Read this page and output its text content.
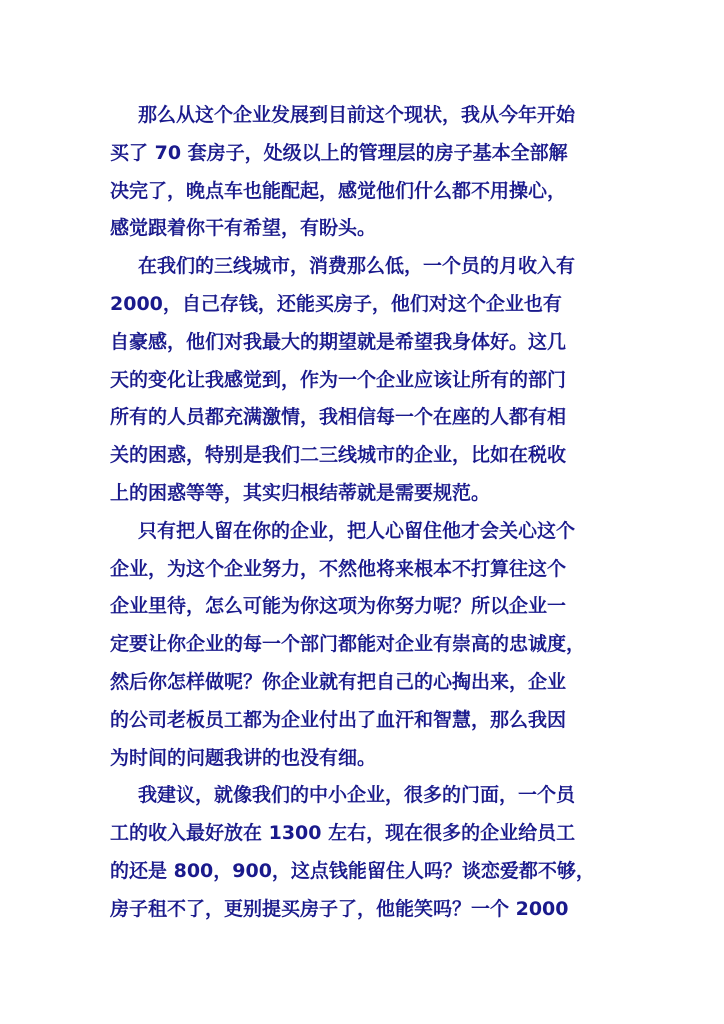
那么从这个企业发展到目前这个现状，我从今年开始
买了 70 套房子，处级以上的管理层的房子基本全部解
决完了，晚点车也能配起，感觉他们什么都不用操心，
感觉跟着你干有希望，有盼头。
在我们的三线城市，消费那么低，一个员的月收入有
2000，自己存钱，还能买房子，他们对这个企业也有
自豪感，他们对我最大的期望就是希望我身体好。这几
天的变化让我感觉到，作为一个企业应该让所有的部门
所有的人员都充满激情，我相信每一个在座的人都有相
关的困惑，特别是我们二三线城市的企业，比如在税收
上的困惑等等，其实归根结蒂就是需要规范。
只有把人留在你的企业，把人心留住他才会关心这个
企业，为这个企业努力，不然他将来根本不打算往这个
企业里待，怎么可能为你这项为你努力呢？所以企业一
定要让你企业的每一个部门都能对企业有崇高的忠诚度，
然后你怎样做呢？你企业就有把自己的心掏出来，企业
的公司老板员工都为企业付出了血汗和智慧，那么我因
为时间的问题我讲的也没有细。
我建议，就像我们的中小企业，很多的门面，一个员
工的收入最好放在 1300 左右，现在很多的企业给员工
的还是 800，900，这点钱能留住人吗？谈恋爱都不够，
房子租不了，更别提买房子了，他能笑吗？一个 2000
